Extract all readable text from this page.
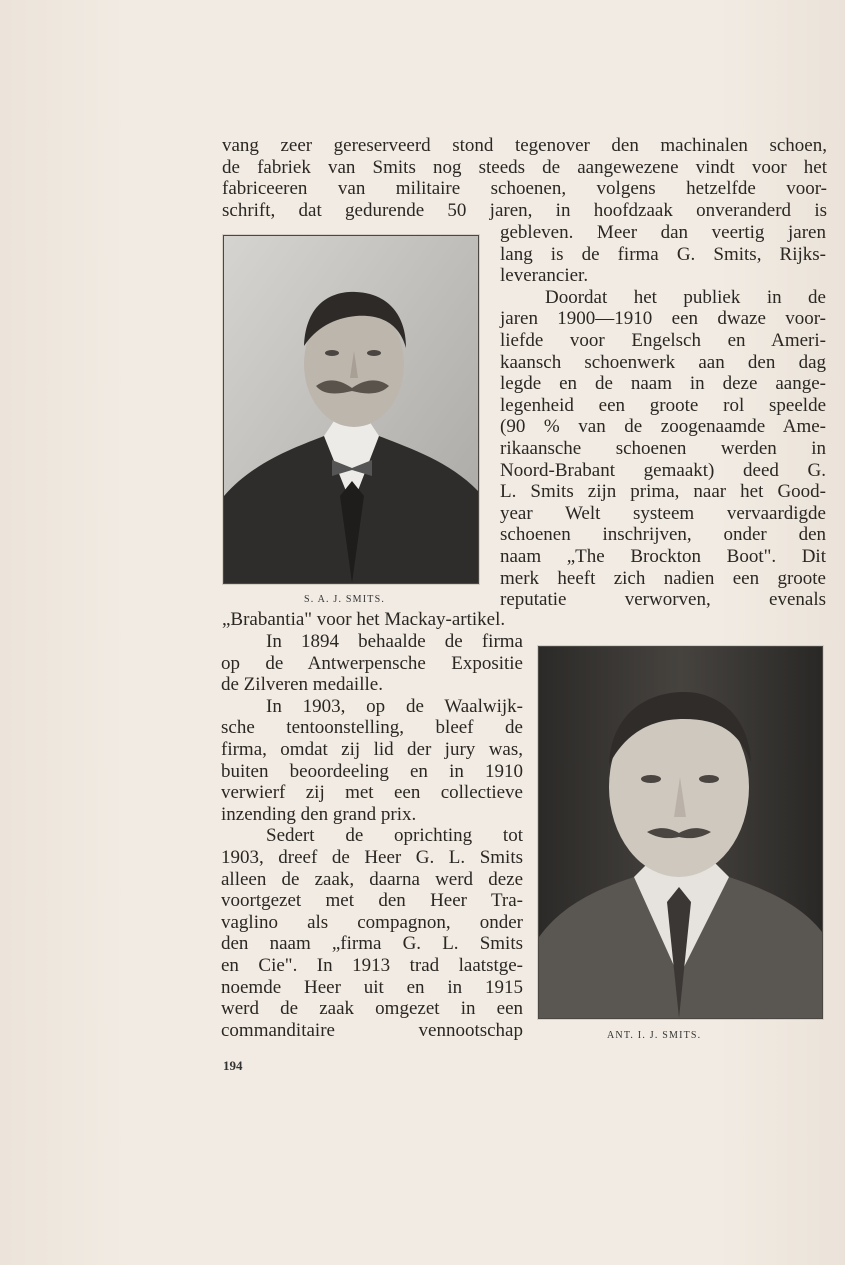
vang zeer gereserveerd stond tegenover den machinalen schoen,
de fabriek van Smits nog steeds de aangewezene vindt voor het
fabriceeren van militaire schoenen, volgens hetzelfde voor-
schrift, dat gedurende 50 jaren, in hoofdzaak onveranderd is
S. A. J. SMITS.
gebleven. Meer dan veertig jaren
lang is de firma G. Smits, Rijks-
leverancier.
Doordat het publiek in de
jaren 1900—1910 een dwaze voor-
liefde voor Engelsch en Ameri-
kaansch schoenwerk aan den dag
legde en de naam in deze aange-
legenheid een groote rol speelde
(90 % van de zoogenaamde Ame-
rikaansche schoenen werden in
Noord-Brabant gemaakt) deed G.
L. Smits zijn prima, naar het Good-
year Welt systeem vervaardigde
schoenen inschrijven, onder den
naam „The Brockton Boot". Dit
merk heeft zich nadien een groote
reputatie verworven, evenals
„Brabantia" voor het Mackay-artikel.
In 1894 behaalde de firma
op de Antwerpensche Expositie
de Zilveren medaille.
In 1903, op de Waalwijk-
sche tentoonstelling, bleef de
firma, omdat zij lid der jury was,
buiten beoordeeling en in 1910
verwierf zij met een collectieve
inzending den grand prix.
Sedert de oprichting tot
1903, dreef de Heer G. L. Smits
alleen de zaak, daarna werd deze
voortgezet met den Heer Tra-
vaglino als compagnon, onder
den naam „firma G. L. Smits
en Cie". In 1913 trad laatstge-
noemde Heer uit en in 1915
werd de zaak omgezet in een
commanditaire vennootschap	ANT. I. J. SMITS.
194
